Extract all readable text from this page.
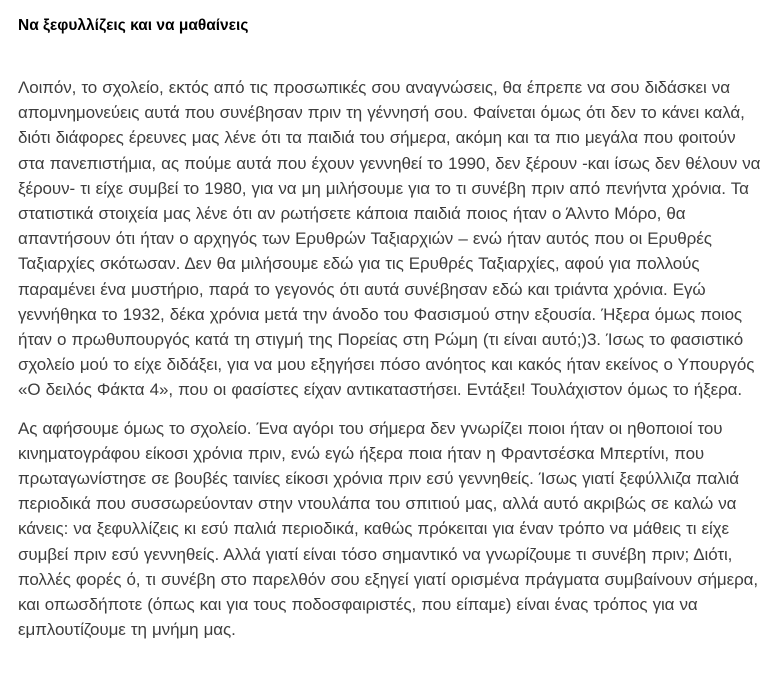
Να ξεφυλλίζεις και να μαθαίνεις

Λοιπόν, το σχολείο, εκτός από τις προσωπικές σου αναγνώσεις, θα έπρεπε να σου διδάσκει να απομνημονεύεις αυτά που συνέβησαν πριν τη γέννησή σου. Φαίνεται όμως ότι δεν το κάνει καλά, διότι διάφορες έρευνες μας λένε ότι τα παιδιά του σήμερα, ακόμη και τα πιο μεγάλα που φοιτούν στα πανεπιστήμια, ας πούμε αυτά που έχουν γεννηθεί το 1990, δεν ξέρουν -και ίσως δεν θέλουν να ξέρουν- τι είχε συμβεί το 1980, για να μη μιλήσουμε για το τι συνέβη πριν από πενήντα χρόνια. Τα στατιστικά στοιχεία μας λένε ότι αν ρωτήσετε κάποια παιδιά ποιος ήταν ο Άλντο Μόρο, θα απαντήσουν ότι ήταν ο αρχηγός των Ερυθρών Ταξιαρχιών – ενώ ήταν αυτός που οι Ερυθρές Ταξιαρχίες σκότωσαν. Δεν θα μιλήσουμε εδώ για τις Ερυθρές Ταξιαρχίες, αφού για πολλούς παραμένει ένα μυστήριο, παρά το γεγονός ότι αυτά συνέβησαν εδώ και τριάντα χρόνια. Εγώ γεννήθηκα το 1932, δέκα χρόνια μετά την άνοδο του Φασισμού στην εξουσία. Ήξερα όμως ποιος ήταν ο πρωθυπουργός κατά τη στιγμή της Πορείας στη Ρώμη (τι είναι αυτό;)3. Ίσως το φασιστικό σχολείο μού το είχε διδάξει, για να μου εξηγήσει πόσο ανόητος και κακός ήταν εκείνος ο Υπουργός «Ο δειλός Φάκτα 4», που οι φασίστες είχαν αντικαταστήσει. Εντάξει! Τουλάχιστον όμως το ήξερα.

Ας αφήσουμε όμως το σχολείο. Ένα αγόρι του σήμερα δεν γνωρίζει ποιοι ήταν οι ηθοποιοί του κινηματογράφου είκοσι χρόνια πριν, ενώ εγώ ήξερα ποια ήταν η Φραντσέσκα Μπερτίνι, που πρωταγωνίστησε σε βουβές ταινίες είκοσι χρόνια πριν εσύ γεννηθείς. Ίσως γιατί ξεφύλλιζα παλιά περιοδικά που συσσωρεύονταν στην ντουλάπα του σπιτιού μας, αλλά αυτό ακριβώς σε καλώ να κάνεις: να ξεφυλλίζεις κι εσύ παλιά περιοδικά, καθώς πρόκειται για έναν τρόπο να μάθεις τι είχε συμβεί πριν εσύ γεννηθείς. Αλλά γιατί είναι τόσο σημαντικό να γνωρίζουμε τι συνέβη πριν; Διότι, πολλές φορές ό, τι συνέβη στο παρελθόν σου εξηγεί γιατί ορισμένα πράγματα συμβαίνουν σήμερα, και οπωσδήποτε (όπως και για τους ποδοσφαιριστές, που είπαμε) είναι ένας τρόπος για να εμπλουτίζουμε τη μνήμη μας.
